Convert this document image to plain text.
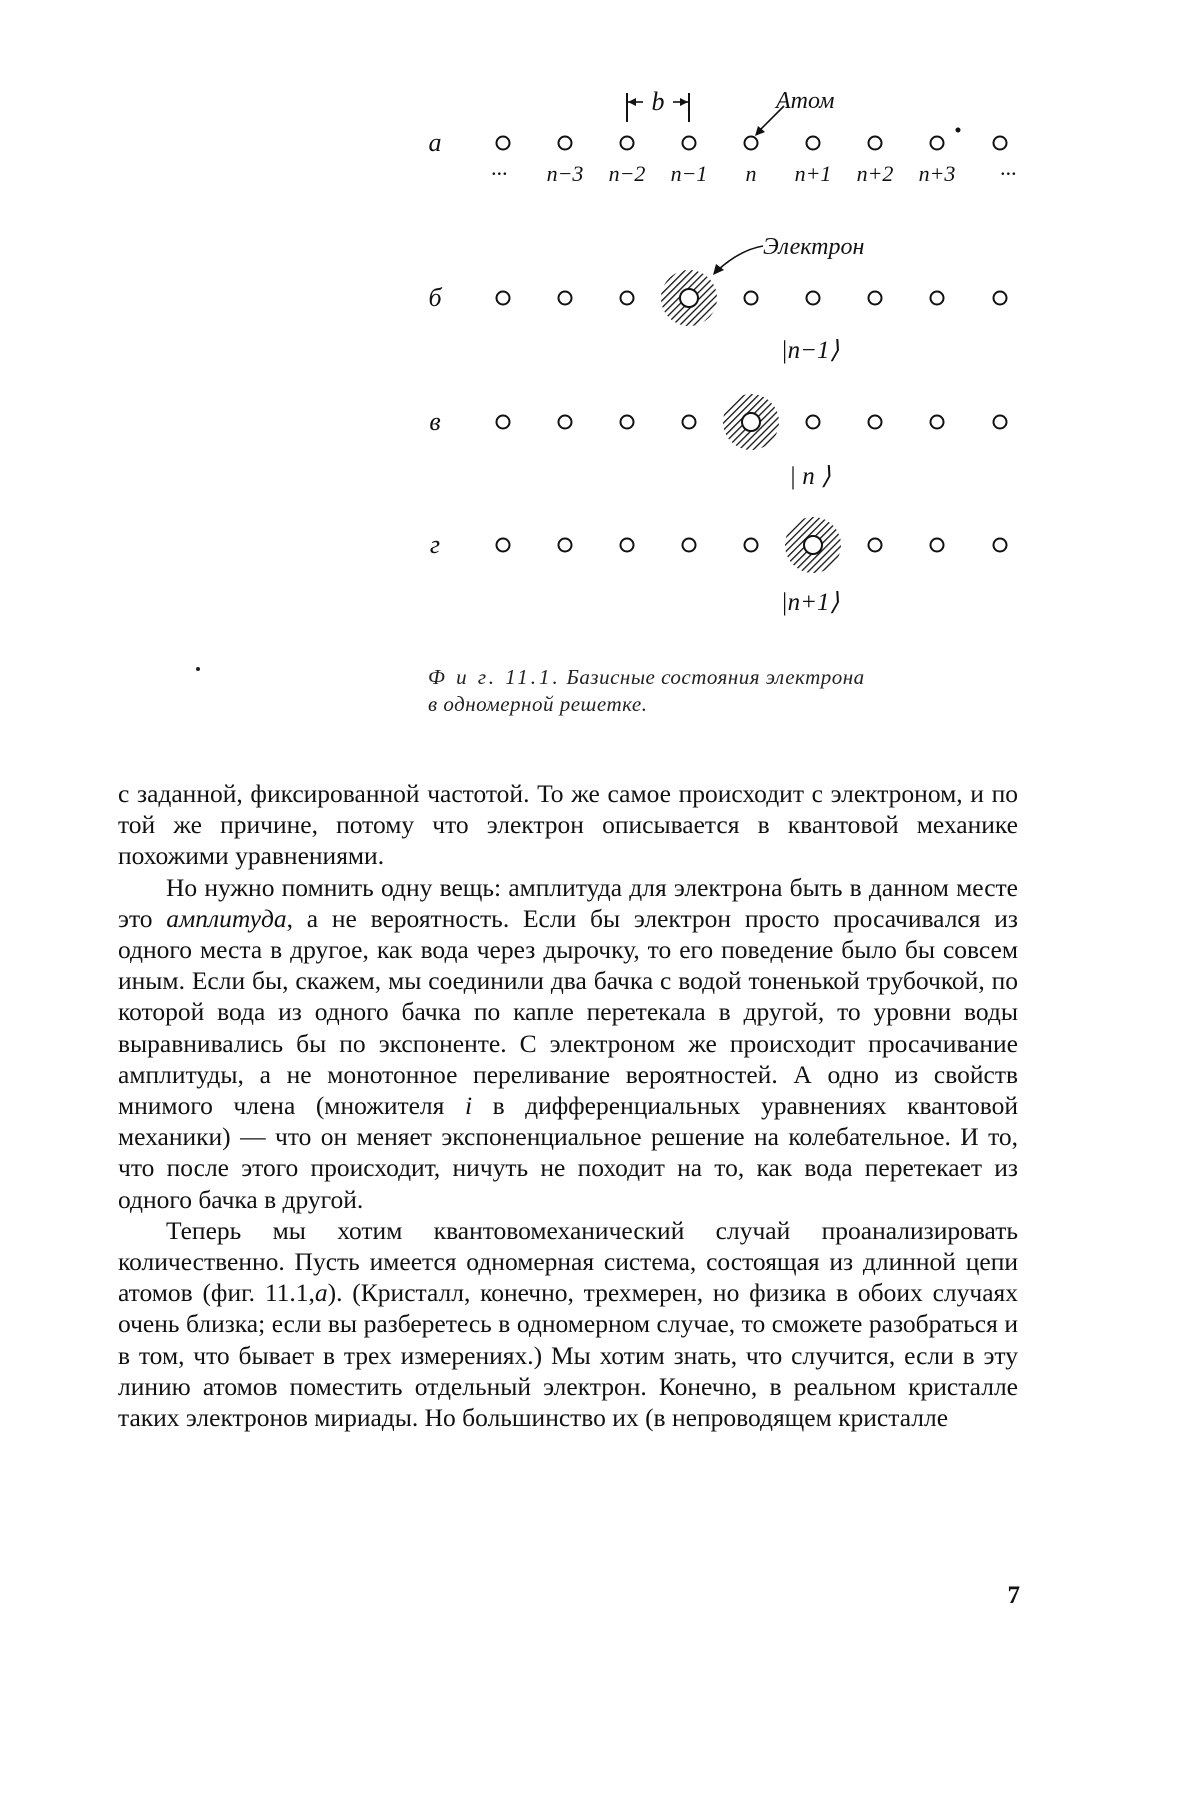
а
б
в
г
··· n−3 n−2 n−1 n n+1 n+2 n+3 ···
b	Атом
Электрон
|n−1⟩
| n ⟩
|n+1⟩
Ф и г. 11.1. Базисные состояния электрона
в одномерной решетке.

с заданной, фиксированной частотой. То же самое происходит с электроном, и по той же причине, потому что электрон описывается в квантовой механике похожими уравнениями.

Но нужно помнить одну вещь: амплитуда для электрона быть в данном месте это амплитуда, а не вероятность. Если бы электрон просто просачивался из одного места в другое, как вода через дырочку, то его поведение было бы совсем иным. Если бы, скажем, мы соединили два бачка с водой тоненькой трубоч­кой, по которой вода из одного бачка по капле перетекала в другой, то уровни воды выравнивались бы по экспоненте. С электроном же происходит просачивание амплитуды, а не монотонное переливание вероятностей. А одно из свойств мнимого члена (множителя i в дифференциальных уравнениях квантовой механики) — что он меняет экспоненциальное реше­ние на колебательное. И то, что после этого происходит, ничуть не походит на то, как вода перетекает из одного бачка в другой.

Теперь мы хотим квантовомеханический случай проанали­зировать количественно. Пусть имеется одномерная система, состоящая из длинной цепи атомов (фиг. 11.1,а). (Кристалл, конечно, трехмерен, но физика в обоих случаях очень близка; если вы разберетесь в одномерном случае, то сможете разоб­раться и в том, что бывает в трех измерениях.) Мы хотим знать, что случится, если в эту линию атомов поместить отдельный электрон. Конечно, в реальном кристалле таких электронов мириады. Но большинство их (в непроводящем кристалле

7
